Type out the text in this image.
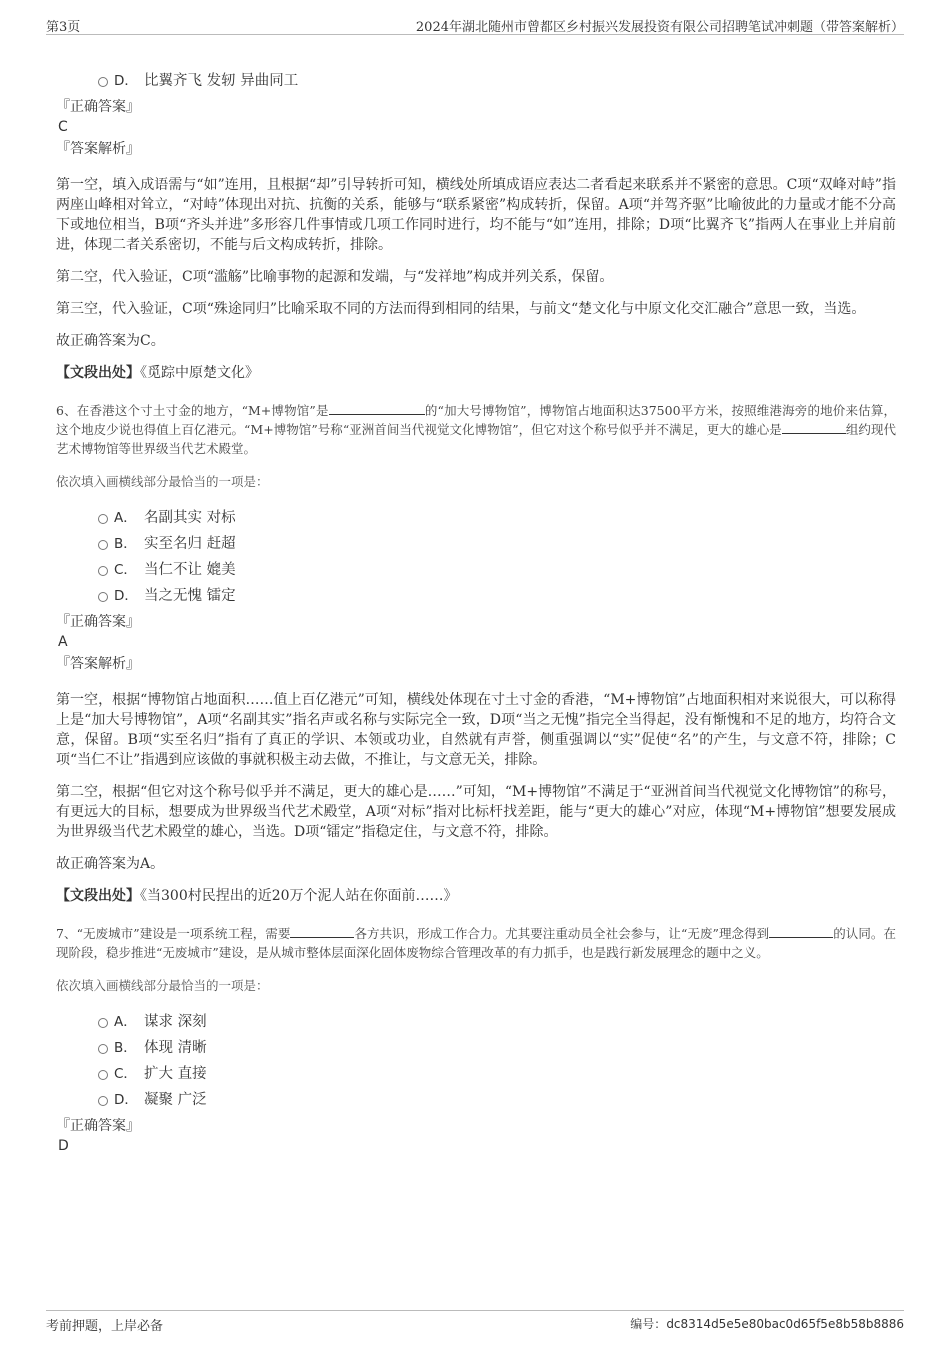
第3页	2024年湖北随州市曾都区乡村振兴发展投资有限公司招聘笔试冲刺题（带答案解析）
D． 比翼齐飞 发轫 异曲同工
『正确答案』
C
『答案解析』
第一空，填入成语需与“如”连用，且根据“却”引导转折可知，横线处所填成语应表达二者看起来联系并不紧密的意思。C项“双峰对峙”指两座山峰相对耸立，“对峙”体现出对抗、抗衡的关系，能够与“联系紧密”构成转折，保留。A项“并驾齐驱”比喻彼此的力量或才能不分高下或地位相当，B项“齐头并进”多形容几件事情或几项工作同时进行，均不能与“如”连用，排除；D项“比翼齐飞”指两人在事业上并肩前进，体现二者关系密切，不能与后文构成转折，排除。
第二空，代入验证，C项“滥觞”比喻事物的起源和发端，与“发祥地”构成并列关系，保留。
第三空，代入验证，C项“殊途同归”比喻采取不同的方法而得到相同的结果，与前文“楚文化与中原文化交汇融合”意思一致，当选。
故正确答案为C。
【文段出处】《觅踪中原楚文化》
6、在香港这个寸土寸金的地方，“M+博物馆”是	的“加大号博物馆”，博物馆占地面积达37500平方米，按照维港海旁的地价来估算，这个地皮少说也得值上百亿港元。“M+博物馆”号称“亚洲首间当代视觉文化博物馆”，但它对这个称号似乎并不满足，更大的雄心是	组约现代艺术博物馆等世界级当代艺术殿堂。
依次填入画横线部分最恰当的一项是：
A． 名副其实 对标
B． 实至名归 赶超
C． 当仁不让 媲美
D． 当之无愧 镭定
『正确答案』
A
『答案解析』
第一空，根据“博物馆占地面积……值上百亿港元”可知，横线处体现在寸土寸金的香港，“M+博物馆”占地面积相对来说很大，可以称得上是“加大号博物馆”，A项“名副其实”指名声或名称与实际完全一致，D项“当之无愧”指完全当得起，没有惭愧和不足的地方，均符合文意，保留。B项“实至名归”指有了真正的学识、本领或功业，自然就有声誉，侧重强调以“实”促使“名”的产生，与文意不符，排除；C项“当仁不让”指遇到应该做的事就积极主动去做，不推让，与文意无关，排除。
第二空，根据“但它对这个称号似乎并不满足，更大的雄心是……”可知，“M+博物馆”不满足于“亚洲首间当代视觉文化博物馆”的称号，有更远大的目标，想要成为世界级当代艺术殿堂，A项“对标”指对比标杆找差距，能与“更大的雄心”对应，体现“M+博物馆”想要发展成为世界级当代艺术殿堂的雄心，当选。D项“镭定”指稳定住，与文意不符，排除。
故正确答案为A。
【文段出处】《当300村民捏出的近20万个泥人站在你面前……》
7、“无废城市”建设是一项系统工程，需要	各方共识，形成工作合力。尤其要注重动员全社会参与，让“无废”理念得到	的认同。在现阶段，稳步推进“无废城市”建设，是从城市整体层面深化固体废物综合管理改革的有力抓手，也是践行新发展理念的题中之义。
依次填入画横线部分最恰当的一项是：
A． 谋求 深刻
B． 体现 清晰
C． 扩大 直接
D． 凝聚 广泛
『正确答案』
D
考前押题，上岸必备	编号：dc8314d5e5e80bac0d65f5e8b58b8886
